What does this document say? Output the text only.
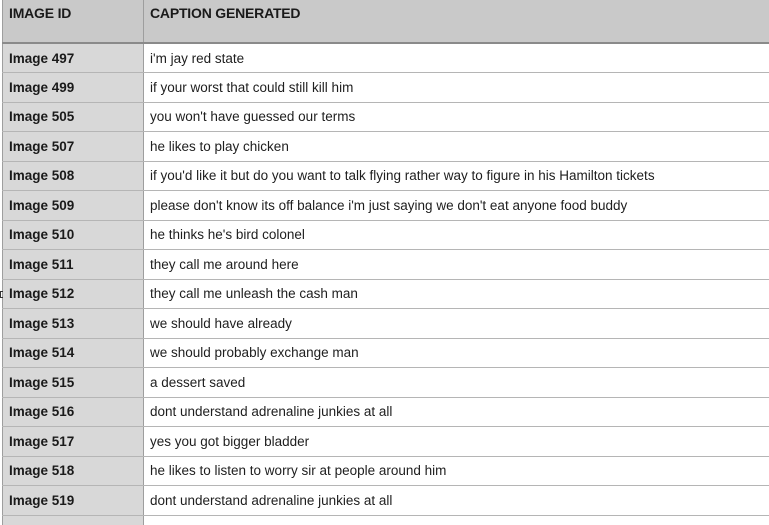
IMAGE ID	CAPTION GENERATED
Image 497	i'm jay red state
Image 499	if your worst that could still kill him
Image 505	you won't have guessed our terms
Image 507	he likes to play chicken
Image 508	if you'd like it but do you want to talk flying rather way to figure in his Hamilton tickets
Image 509	please don't know its off balance i'm just saying we don't eat anyone food buddy
Image 510	he thinks he's bird colonel
Image 511	they call me around here
Image 512	they call me unleash the cash man
Image 513	we should have already
Image 514	we should probably exchange man
Image 515	a dessert saved
Image 516	dont understand adrenaline junkies at all
Image 517	yes you got bigger bladder
Image 518	he likes to listen to worry sir at people around him
Image 519	dont understand adrenaline junkies at all
